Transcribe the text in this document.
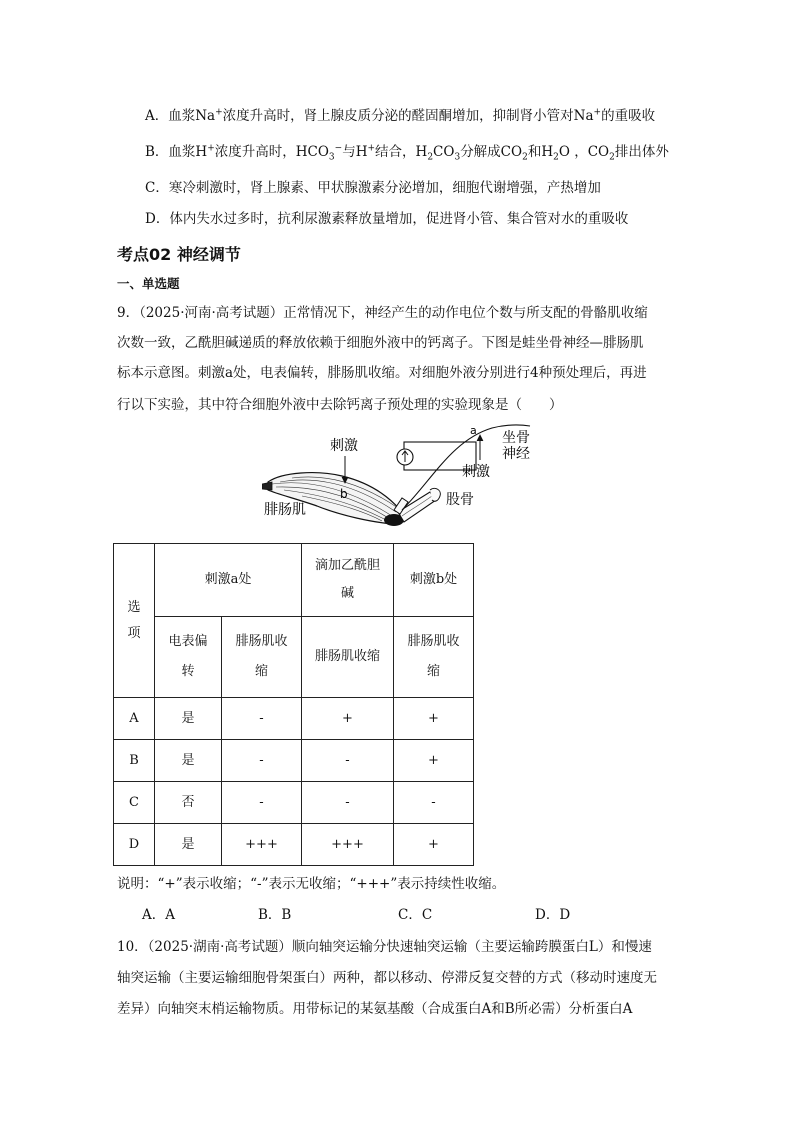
A．血浆Na+浓度升高时，肾上腺皮质分泌的醛固酮增加，抑制肾小管对Na+的重吸收
B．血浆H+浓度升高时，$HCO_3^-$与H+结合，$H_2CO_3$分解成$CO_2$和$H_2O$ ，$CO_2$排出体外
C．寒冷刺激时，肾上腺素、甲状腺激素分泌增加，细胞代谢增强，产热增加
D．体内失水过多时，抗利尿激素释放量增加，促进肾小管、集合管对水的重吸收
考点02 神经调节
一、单选题
9．（2025·河南·高考试题）正常情况下，神经产生的动作电位个数与所支配的骨骼肌收缩
次数一致，乙酰胆碱递质的释放依赖于细胞外液中的钙离子。下图是蛙坐骨神经—腓肠肌
标本示意图。刺激a处，电表偏转，腓肠肌收缩。对细胞外液分别进行4种预处理后，再进
行以下实验，其中符合细胞外液中去除钙离子预处理的实验现象是（　　）
刺激
b
腓肠肌
a 坐骨
神经
刺激
股骨
选项	刺激a处		滴加乙酰胆碱	刺激b处

	电表偏转	腓肠肌收缩	腓肠肌收缩	腓肠肌收缩

A	是	-	+	+
B	是	-	-	+
C	否	-	-	-
D	是	+++	+++	+
说明：“+”表示收缩；“-”表示无收缩；“+++”表示持续性收缩。
A．A	B．B	C．C	D．D
10．（2025·湖南·高考试题）顺向轴突运输分快速轴突运输（主要运输跨膜蛋白L）和慢速
轴突运输（主要运输细胞骨架蛋白）两种，都以移动、停滞反复交替的方式（移动时速度无
差异）向轴突末梢运输物质。用带标记的某氨基酸（合成蛋白A和B所必需）分析蛋白A
